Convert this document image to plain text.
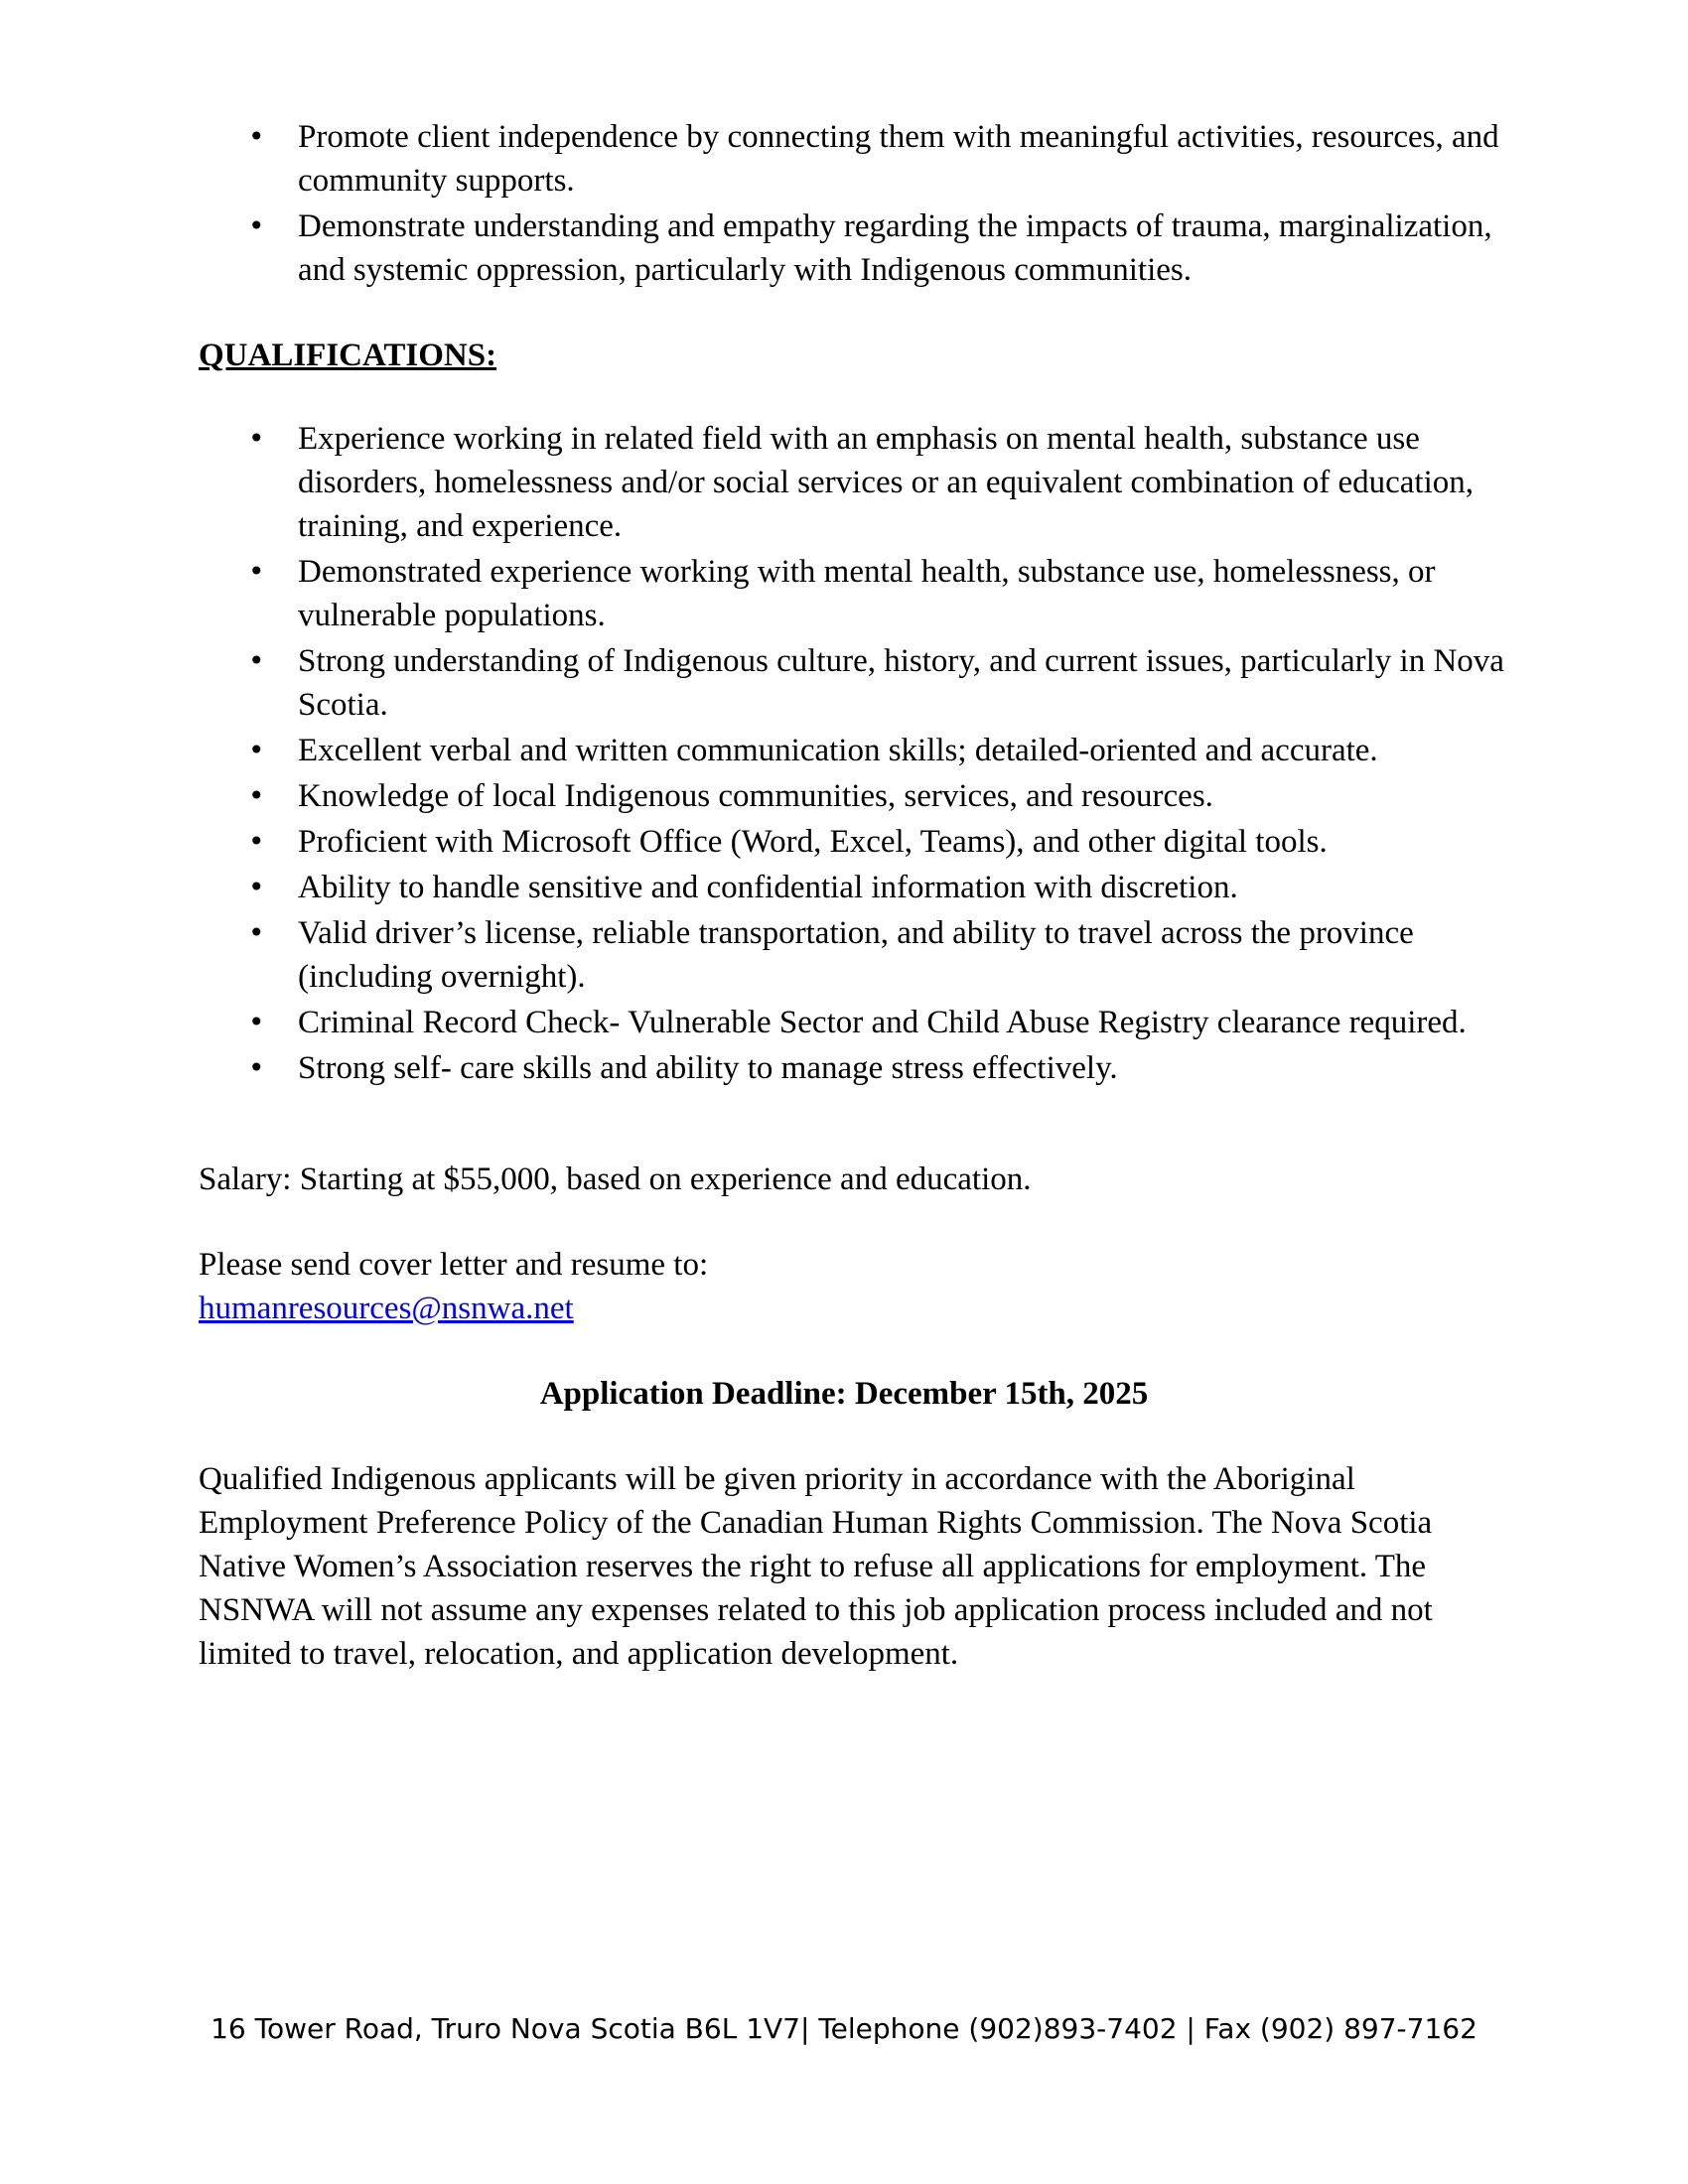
• Promote client independence by connecting them with meaningful activities, resources, and community supports.
• Demonstrate understanding and empathy regarding the impacts of trauma, marginalization, and systemic oppression, particularly with Indigenous communities.
QUALIFICATIONS:
• Experience working in related field with an emphasis on mental health, substance use disorders, homelessness and/or social services or an equivalent combination of education, training, and experience.
• Demonstrated experience working with mental health, substance use, homelessness, or vulnerable populations.
• Strong understanding of Indigenous culture, history, and current issues, particularly in Nova Scotia.
• Excellent verbal and written communication skills; detailed-oriented and accurate.
• Knowledge of local Indigenous communities, services, and resources.
• Proficient with Microsoft Office (Word, Excel, Teams), and other digital tools.
• Ability to handle sensitive and confidential information with discretion.
• Valid driver’s license, reliable transportation, and ability to travel across the province (including overnight).
• Criminal Record Check- Vulnerable Sector and Child Abuse Registry clearance required.
• Strong self- care skills and ability to manage stress effectively.
Salary: Starting at $55,000, based on experience and education.
Please send cover letter and resume to:
humanresources@nsnwa.net
Application Deadline: December 15th, 2025
Qualified Indigenous applicants will be given priority in accordance with the Aboriginal Employment Preference Policy of the Canadian Human Rights Commission. The Nova Scotia Native Women’s Association reserves the right to refuse all applications for employment. The NSNWA will not assume any expenses related to this job application process included and not limited to travel, relocation, and application development.
16 Tower Road, Truro Nova Scotia B6L 1V7| Telephone (902)893-7402 | Fax (902) 897-7162
